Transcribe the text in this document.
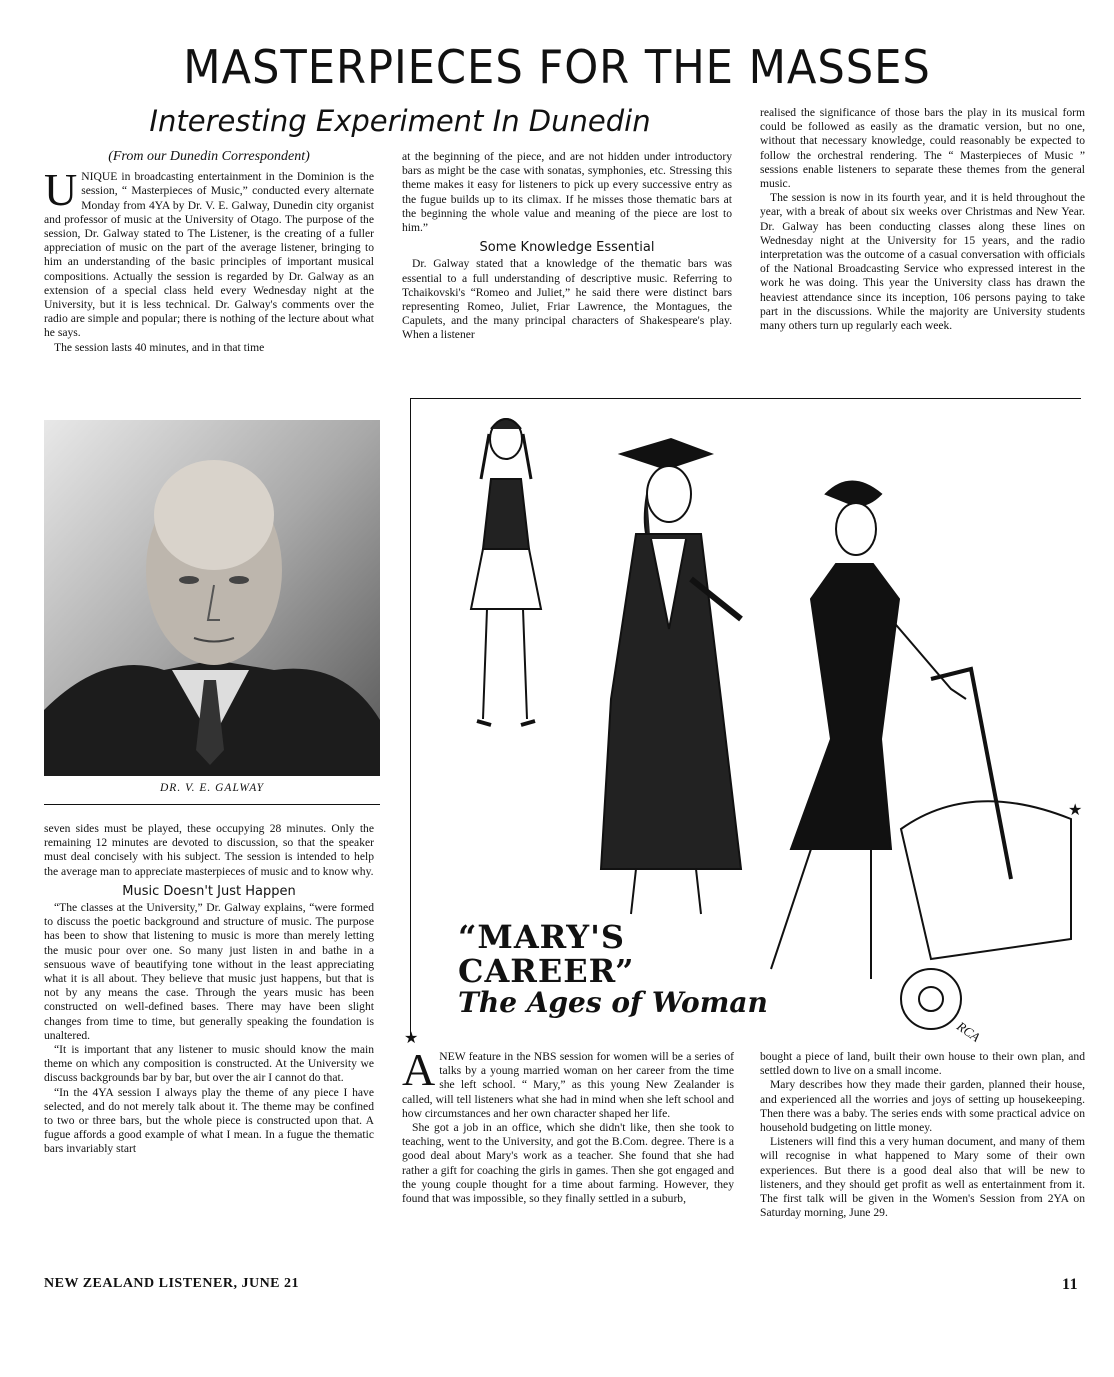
MASTERPIECES FOR THE MASSES
Interesting Experiment In Dunedin
(From our Dunedin Correspondent)

UNIQUE in broadcasting entertainment in the Dominion is the session, “ Masterpieces of Music,” conducted every alternate Monday from 4YA by Dr. V. E. Galway, Dunedin city organist and professor of music at the University of Otago. The purpose of the session, Dr. Galway stated to The Listener, is the creating of a fuller appreciation of music on the part of the average listener, bringing to him an understanding of the basic principles of important musical compositions. Actually the session is regarded by Dr. Galway as an extension of a special class held every Wednesday night at the University, but it is less technical. Dr. Galway's comments over the radio are simple and popular; there is nothing of the lecture about what he says.

The session lasts 40 minutes, and in that time

at the beginning of the piece, and are not hidden under introductory bars as might be the case with sonatas, symphonies, etc. Stressing this theme makes it easy for listeners to pick up every successive entry as the fugue builds up to its climax. If he misses those thematic bars at the beginning the whole value and meaning of the piece are lost to him.”

Some Knowledge Essential

Dr. Galway stated that a knowledge of the thematic bars was essential to a full understanding of descriptive music. Referring to Tchaikovski's “Romeo and Juliet,” he said there were distinct bars representing Romeo, Juliet, Friar Lawrence, the Montagues, the Capulets, and the many principal characters of Shakespeare's play. When a listener

realised the significance of those bars the play in its musical form could be followed as easily as the dramatic version, but no one, without that necessary knowledge, could reasonably be expected to follow the orchestral rendering. The “ Masterpieces of Music ” sessions enable listeners to separate these themes from the general music.

The session is now in its fourth year, and it is held throughout the year, with a break of about six weeks over Christmas and New Year. Dr. Galway has been conducting classes along these lines on Wednesday night at the University for 15 years, and the radio interpretation was the outcome of a casual conversation with officials of the National Broadcasting Service who expressed interest in the work he was doing. This year the University class has drawn the heaviest attendance since its inception, 106 persons paying to take part in the discussions. While the majority are University students many others turn up regularly each week.

DR. V. E. GALWAY

seven sides must be played, these occupying 28 minutes. Only the remaining 12 minutes are devoted to discussion, so that the speaker must deal concisely with his subject. The session is intended to help the average man to appreciate masterpieces of music and to know why.

Music Doesn't Just Happen

“The classes at the University,” Dr. Galway explains, “were formed to discuss the poetic background and structure of music. The purpose has been to show that listening to music is more than merely letting the music pour over one. So many just listen in and bathe in a sensuous wave of beautifying tone without in the least appreciating what it is all about. They believe that music just happens, but that is not by any means the case. Through the years music has been constructed on well-defined bases. There may have been slight changes from time to time, but generally speaking the foundation is unaltered.

“It is important that any listener to music should know the main theme on which any composition is constructed. At the University we discuss backgrounds bar by bar, but over the air I cannot do that.

“In the 4YA session I always play the theme of any piece I have selected, and do not merely talk about it. The theme may be confined to two or three bars, but the whole piece is constructed upon that. A fugue affords a good example of what I mean. In a fugue the thematic bars invariably start

★
★	RCA
“MARY'S
CAREER”
The Ages of Woman

ANEW feature in the NBS session for women will be a series of talks by a young married woman on her career from the time she left school. “ Mary,” as this young New Zealander is called, will tell listeners what she had in mind when she left school and how circumstances and her own character shaped her life.

She got a job in an office, which she didn't like, then she took to teaching, went to the University, and got the B.Com. degree. There is a good deal about Mary's work as a teacher. She found that she had rather a gift for coaching the girls in games. Then she got engaged and the young couple thought for a time about farming. However, they found that was impossible, so they finally settled in a suburb,

bought a piece of land, built their own house to their own plan, and settled down to live on a small income.

Mary describes how they made their garden, planned their house, and experienced all the worries and joys of setting up housekeeping. Then there was a baby. The series ends with some practical advice on household budgeting on little money.

Listeners will find this a very human document, and many of them will recognise in what happened to Mary some of their own experiences. But there is a good deal also that will be new to listeners, and they should get profit as well as entertainment from it. The first talk will be given in the Women's Session from 2YA on Saturday morning, June 29.

NEW ZEALAND LISTENER, JUNE 21	11
